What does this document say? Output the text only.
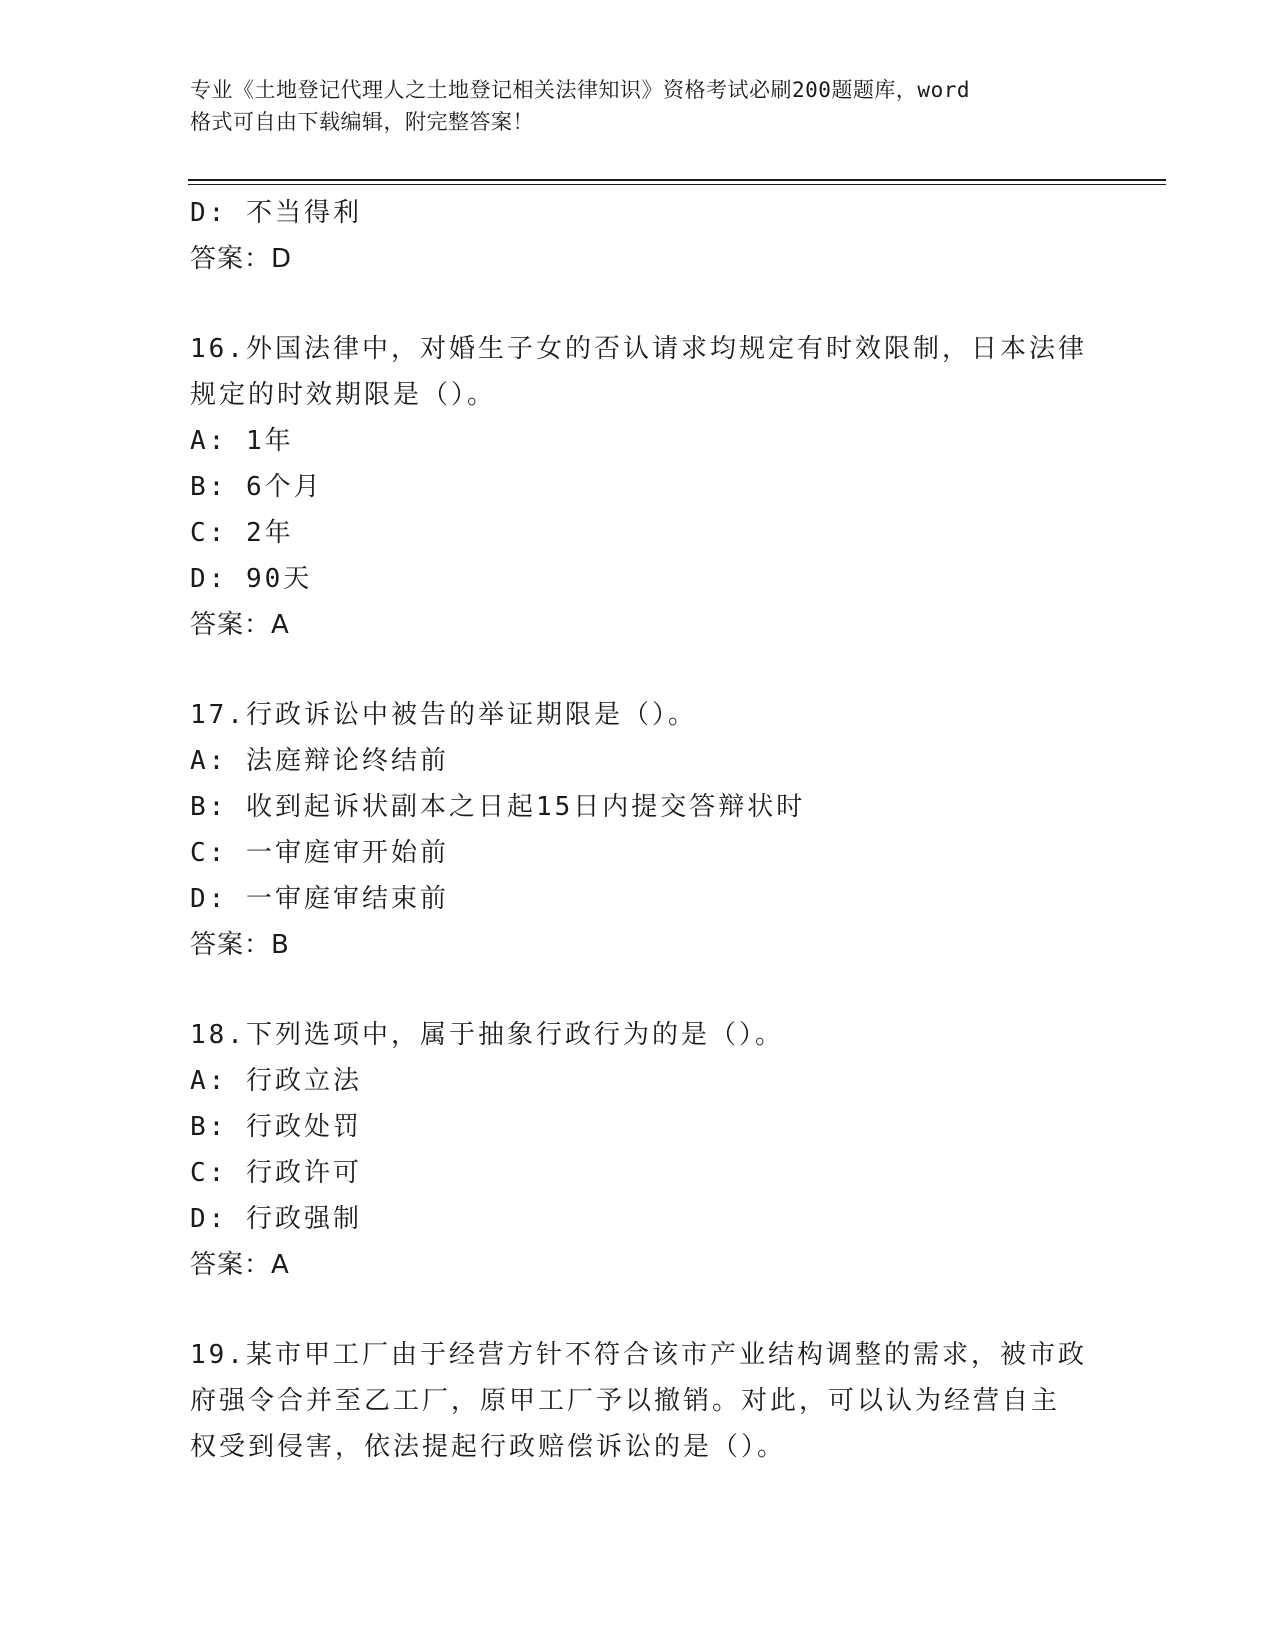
专业《土地登记代理人之土地登记相关法律知识》资格考试必刷200题题库，word
格式可自由下载编辑，附完整答案！
D: 不当得利
答案：D
16.外国法律中，对婚生子女的否认请求均规定有时效限制，日本法律
规定的时效期限是（）。
A: 1年
B: 6个月
C: 2年
D: 90天
答案：A
17.行政诉讼中被告的举证期限是（）。
A: 法庭辩论终结前
B: 收到起诉状副本之日起15日内提交答辩状时
C: 一审庭审开始前
D: 一审庭审结束前
答案：B
18.下列选项中，属于抽象行政行为的是（）。
A: 行政立法
B: 行政处罚
C: 行政许可
D: 行政强制
答案：A
19.某市甲工厂由于经营方针不符合该市产业结构调整的需求，被市政
府强令合并至乙工厂，原甲工厂予以撤销。对此，可以认为经营自主
权受到侵害，依法提起行政赔偿诉讼的是（）。
